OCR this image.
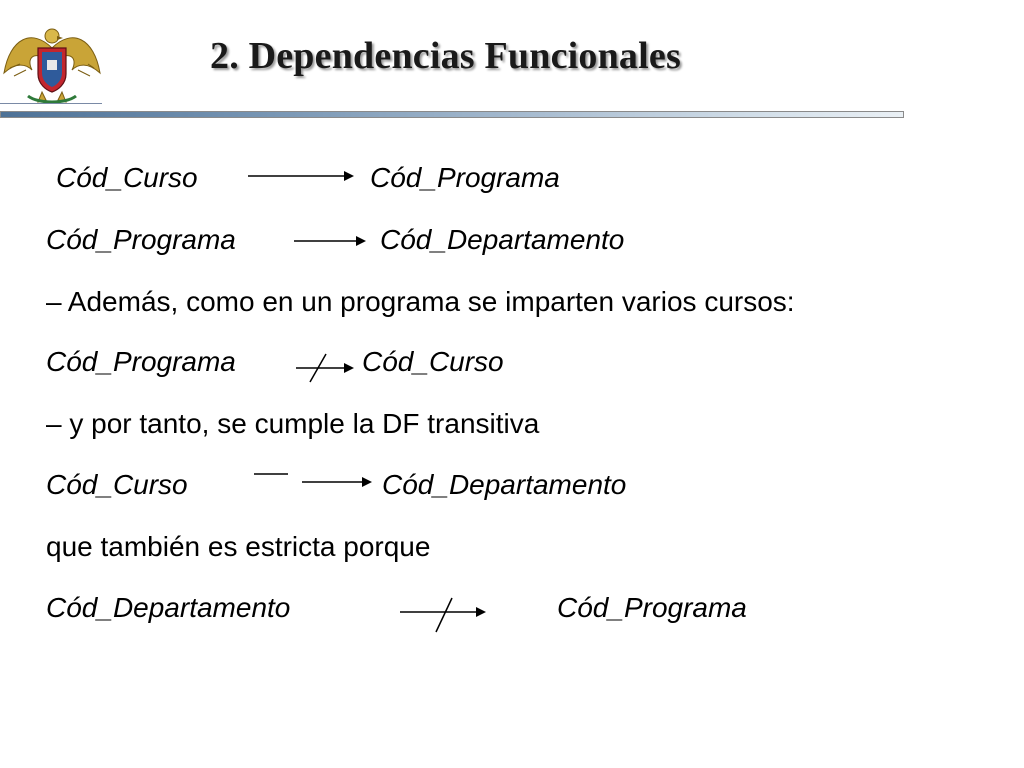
2. Dependencias Funcionales

Cód_Curso	Cód_Programa

Cód_Programa	Cód_Departamento

– Además, como en un programa se imparten varios cursos:

Cód_Programa	Cód_Curso

– y por tanto, se cumple la DF transitiva

Cód_Curso	Cód_Departamento

que también es estricta porque

Cód_Departamento	Cód_Programa
